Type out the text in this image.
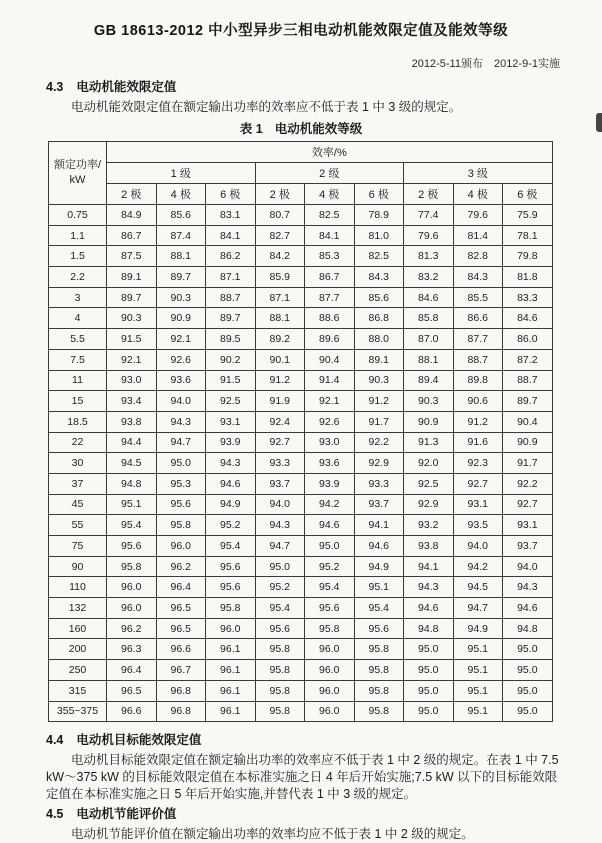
GB 18613-2012 中小型异步三相电动机能效限定值及能效等级
2012-5-11颁布　2012-9-1实施
4.3 电动机能效限定值

电动机能效限定值在额定输出功率的效率应不低于表 1 中 3 级的规定。

表 1 电动机能效等级
额定功率/
kW	效率/%								
	1 级			2 级			3 级		
	2 极	4 极	6 极	2 极	4 极	6 极	2 极	4 极	6 极
0.75	84.9	85.6	83.1	80.7	82.5	78.9	77.4	79.6	75.9
1.1	86.7	87.4	84.1	82.7	84.1	81.0	79.6	81.4	78.1
1.5	87.5	88.1	86.2	84.2	85.3	82.5	81.3	82.8	79.8
2.2	89.1	89.7	87.1	85.9	86.7	84.3	83.2	84.3	81.8
3	89.7	90.3	88.7	87.1	87.7	85.6	84.6	85.5	83.3
4	90.3	90.9	89.7	88.1	88.6	86.8	85.8	86.6	84.6
5.5	91.5	92.1	89.5	89.2	89.6	88.0	87.0	87.7	86.0
7.5	92.1	92.6	90.2	90.1	90.4	89.1	88.1	88.7	87.2
11	93.0	93.6	91.5	91.2	91.4	90.3	89.4	89.8	88.7
15	93.4	94.0	92.5	91.9	92.1	91.2	90.3	90.6	89.7
18.5	93.8	94.3	93.1	92.4	92.6	91.7	90.9	91.2	90.4
22	94.4	94.7	93.9	92.7	93.0	92.2	91.3	91.6	90.9
30	94.5	95.0	94.3	93.3	93.6	92.9	92.0	92.3	91.7
37	94.8	95.3	94.6	93.7	93.9	93.3	92.5	92.7	92.2
45	95.1	95.6	94.9	94.0	94.2	93.7	92.9	93.1	92.7
55	95.4	95.8	95.2	94.3	94.6	94.1	93.2	93.5	93.1
75	95.6	96.0	95.4	94.7	95.0	94.6	93.8	94.0	93.7
90	95.8	96.2	95.6	95.0	95.2	94.9	94.1	94.2	94.0
110	96.0	96.4	95.6	95.2	95.4	95.1	94.3	94.5	94.3
132	96.0	96.5	95.8	95.4	95.6	95.4	94.6	94.7	94.6
160	96.2	96.5	96.0	95.6	95.8	95.6	94.8	94.9	94.8
200	96.3	96.6	96.1	95.8	96.0	95.8	95.0	95.1	95.0
250	96.4	96.7	96.1	95.8	96.0	95.8	95.0	95.1	95.0
315	96.5	96.8	96.1	95.8	96.0	95.8	95.0	95.1	95.0
355~375	96.6	96.8	96.1	95.8	96.0	95.8	95.0	95.1	95.0
4.4 电动机目标能效限定值

电动机目标能效限定值在额定输出功率的效率应不低于表 1 中 2 级的规定。在表 1 中 7.5 kW～375 kW 的目标能效限定值在本标准实施之日 4 年后开始实施;7.5 kW 以下的目标能效限定值在本标准实施之日 5 年后开始实施,并替代表 1 中 3 级的规定。

4.5 电动机节能评价值

电动机节能评价值在额定输出功率的效率均应不低于表 1 中 2 级的规定。
